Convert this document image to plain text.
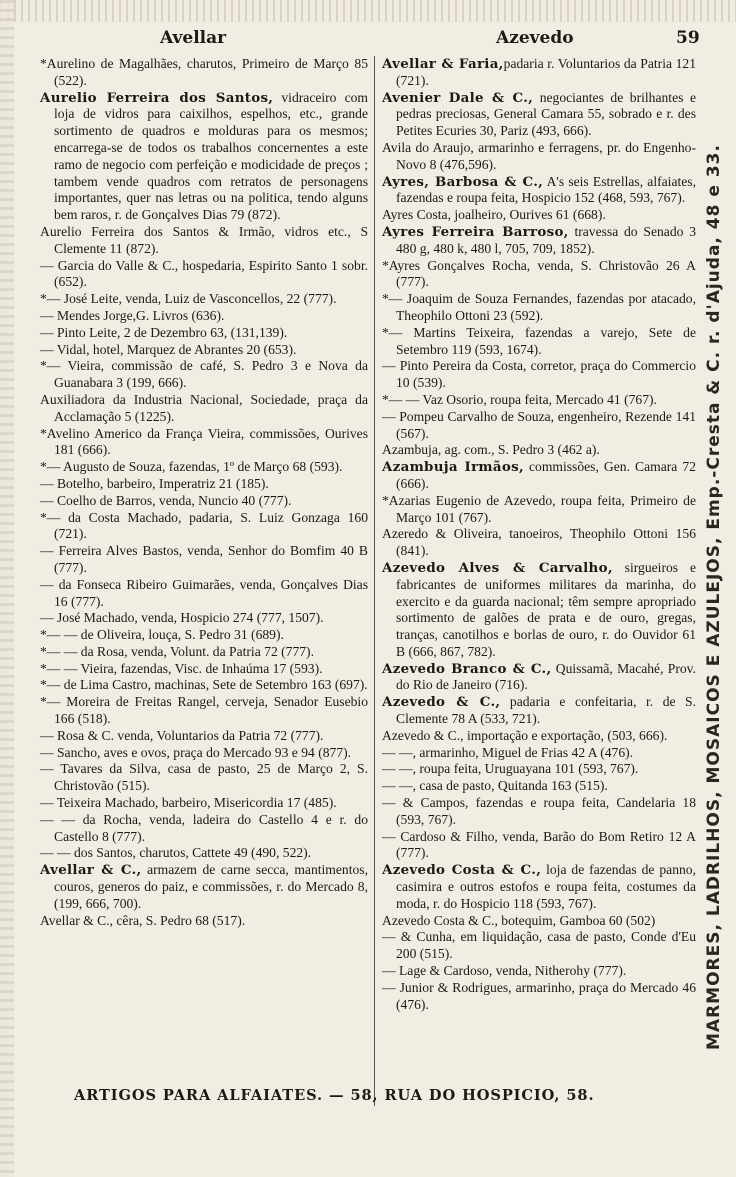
Avellar	Azevedo	59

*Aurelino de Magalhães, charutos, Primeiro de Março 85 (522).

Aurelio Ferreira dos Santos, vidraceiro com loja de vidros para caixilhos, espelhos, etc., grande sortimento de quadros e molduras para os mesmos; encarrega-se de todos os trabalhos concernentes a este ramo de negocio com perfeição e modicidade de preços ; tambem vende quadros com retratos de personagens importantes, quer nas letras ou na politica, tendo alguns bem raros, r. de Gonçalves Dias 79 (872).

Aurelio Ferreira dos Santos & Irmão, vidros etc., S Clemente 11 (872).

— Garcia do Valle & C., hospedaria, Espirito Santo 1 sobr. (652).

*— José Leite, venda, Luiz de Vasconcellos, 22 (777).

— Mendes Jorge,G. Livros (636).

— Pinto Leite, 2 de Dezembro 63, (131,139).

— Vidal, hotel, Marquez de Abrantes 20 (653).

*— Vieira, commissão de café, S. Pedro 3 e Nova da Guanabara 3 (199, 666).

Auxiliadora da Industria Nacional, Sociedade, praça da Acclamação 5 (1225).

*Avelino Americo da França Vieira, commissões, Ourives 181 (666).

*— Augusto de Souza, fazendas, 1º de Março 68 (593).

— Botelho, barbeiro, Imperatriz 21 (185).

— Coelho de Barros, venda, Nuncio 40 (777).

*— da Costa Machado, padaria, S. Luiz Gonzaga 160 (721).

— Ferreira Alves Bastos, venda, Senhor do Bomfim 40 B (777).

— da Fonseca Ribeiro Guimarães, venda, Gonçalves Dias 16 (777).

— José Machado, venda, Hospicio 274 (777, 1507).

*— — de Oliveira, louça, S. Pedro 31 (689).

*— — da Rosa, venda, Volunt. da Patria 72 (777).

*— — Vieira, fazendas, Visc. de Inhaúma 17 (593).

*— de Lima Castro, machinas, Sete de Setembro 163 (697).

*— Moreira de Freitas Rangel, cerveja, Senador Eusebio 166 (518).

— Rosa & C. venda, Voluntarios da Patria 72 (777).

— Sancho, aves e ovos, praça do Mercado 93 e 94 (877).

— Tavares da Silva, casa de pasto, 25 de Março 2, S. Christovão (515).

— Teixeira Machado, barbeiro, Misericordia 17 (485).

— — da Rocha, venda, ladeira do Castello 4 e r. do Castello 8 (777).

— — dos Santos, charutos, Cattete 49 (490, 522).

Avellar & C., armazem de carne secca, mantimentos, couros, generos do paiz, e commissões, r. do Mercado 8, (199, 666, 700).

Avellar & C., cêra, S. Pedro 68 (517).

Avellar & Faria,padaria r. Voluntarios da Patria 121 (721).

Avenier Dale & C., negociantes de brilhantes e pedras preciosas, General Camara 55, sobrado e r. des Petites Ecuries 30, Pariz (493, 666).

Avila do Araujo, armarinho e ferragens, pr. do Engenho-Novo 8 (476,596).

Ayres, Barbosa & C., A's seis Estrellas, alfaiates, fazendas e roupa feita, Hospicio 152 (468, 593, 767).

Ayres Costa, joalheiro, Ourives 61 (668).

Ayres Ferreira Barroso, travessa do Senado 3 480 g, 480 k, 480 l, 705, 709, 1852).

*Ayres Gonçalves Rocha, venda, S. Christovão 26 A (777).

*— Joaquim de Souza Fernandes, fazendas por atacado, Theophilo Ottoni 23 (592).

*— Martins Teixeira, fazendas a varejo, Sete de Setembro 119 (593, 1674).

— Pinto Pereira da Costa, corretor, praça do Commercio 10 (539).

*— — Vaz Osorio, roupa feita, Mercado 41 (767).

— Pompeu Carvalho de Souza, engenheiro, Rezende 141 (567).

Azambuja, ag. com., S. Pedro 3 (462 a).

Azambuja Irmãos, commissões, Gen. Camara 72 (666).

*Azarias Eugenio de Azevedo, roupa feita, Primeiro de Março 101 (767).

Azeredo & Oliveira, tanoeiros, Theophilo Ottoni 156 (841).

Azevedo Alves & Carvalho, sirgueiros e fabricantes de uniformes militares da marinha, do exercito e da guarda nacional; têm sempre apropriado sortimento de galões de prata e de ouro, gregas, tranças, canotilhos e borlas de ouro, r. do Ouvidor 61 B (666, 867, 782).

Azevedo Branco & C., Quissamã, Macahé, Prov. do Rio de Janeiro (716).

Azevedo & C., padaria e confeitaria, r. de S. Clemente 78 A (533, 721).

Azevedo & C., importação e exportação, (503, 666).

— —, armarinho, Miguel de Frias 42 A (476).

— —, roupa feita, Uruguayana 101 (593, 767).

— —, casa de pasto, Quitanda 163 (515).

— & Campos, fazendas e roupa feita, Candelaria 18 (593, 767).

— Cardoso & Filho, venda, Barão do Bom Retiro 12 A (777).

Azevedo Costa & C., loja de fazendas de panno, casimira e outros estofos e roupa feita, costumes da moda, r. do Hospicio 118 (593, 767).

Azevedo Costa & C., botequim, Gamboa 60 (502)

— & Cunha, em liquidação, casa de pasto, Conde d'Eu 200 (515).

— Lage & Cardoso, venda, Nitherohy (777).

— Junior & Rodrigues, armarinho, praça do Mercado 46 (476).

ARTIGOS PARA ALFAIATES. — 58, RUA DO HOSPICIO, 58.
MARMORES, LADRILHOS, MOSAICOS E AZULEJOS, Emp.-Cresta & C. r. d'Ajuda, 48 e 33.
